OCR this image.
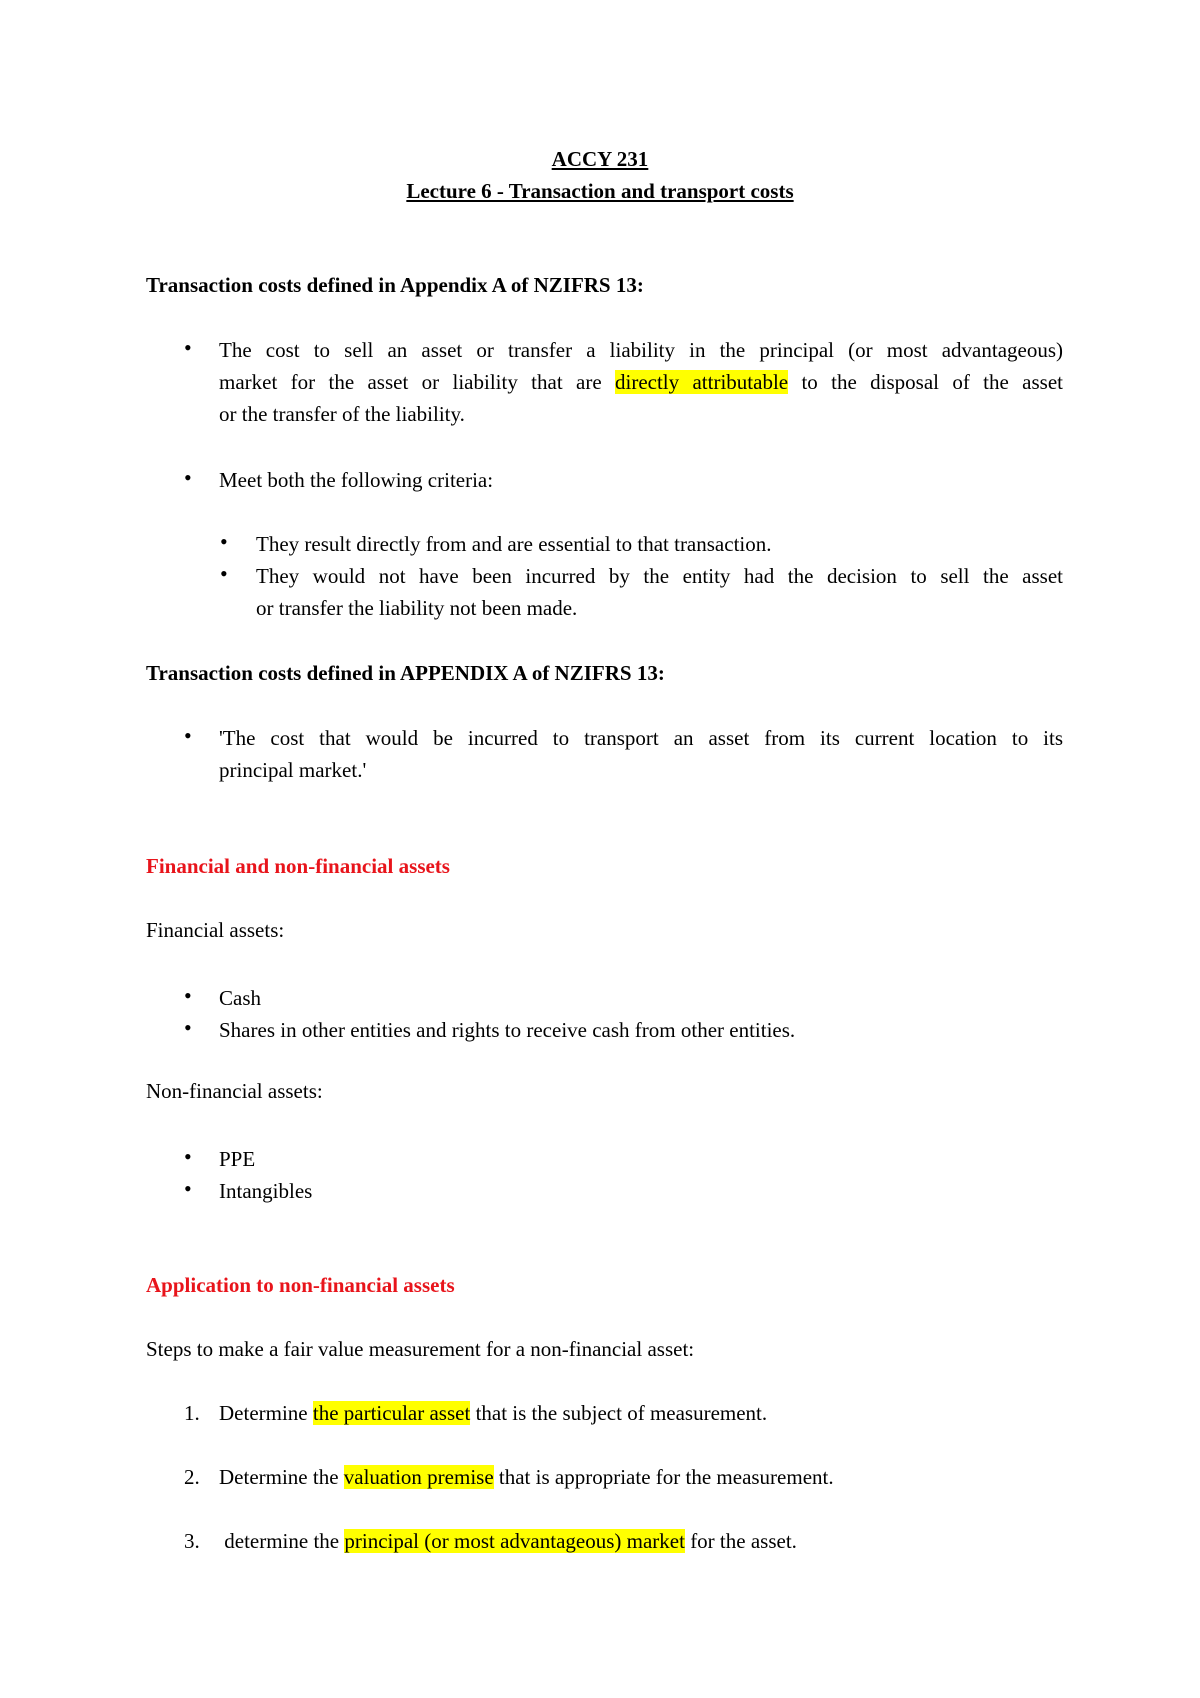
ACCY 231
Lecture 6 - Transaction and transport costs
Transaction costs defined in Appendix A of NZIFRS 13:
• The cost to sell an asset or transfer a liability in the principal (or most advantageous)
market for the asset or liability that are directly attributable to the disposal of the asset
or the transfer of the liability.
• Meet both the following criteria:
• They result directly from and are essential to that transaction.
• They would not have been incurred by the entity had the decision to sell the asset
or transfer the liability not been made.
Transaction costs defined in APPENDIX A of NZIFRS 13:
• 'The cost that would be incurred to transport an asset from its current location to its
principal market.'
Financial and non-financial assets
Financial assets:
• Cash
• Shares in other entities and rights to receive cash from other entities.
Non-financial assets:
• PPE
• Intangibles
Application to non-financial assets
Steps to make a fair value measurement for a non-financial asset:
1. Determine the particular asset that is the subject of measurement.
2. Determine the valuation premise that is appropriate for the measurement.
3. determine the principal (or most advantageous) market for the asset.
